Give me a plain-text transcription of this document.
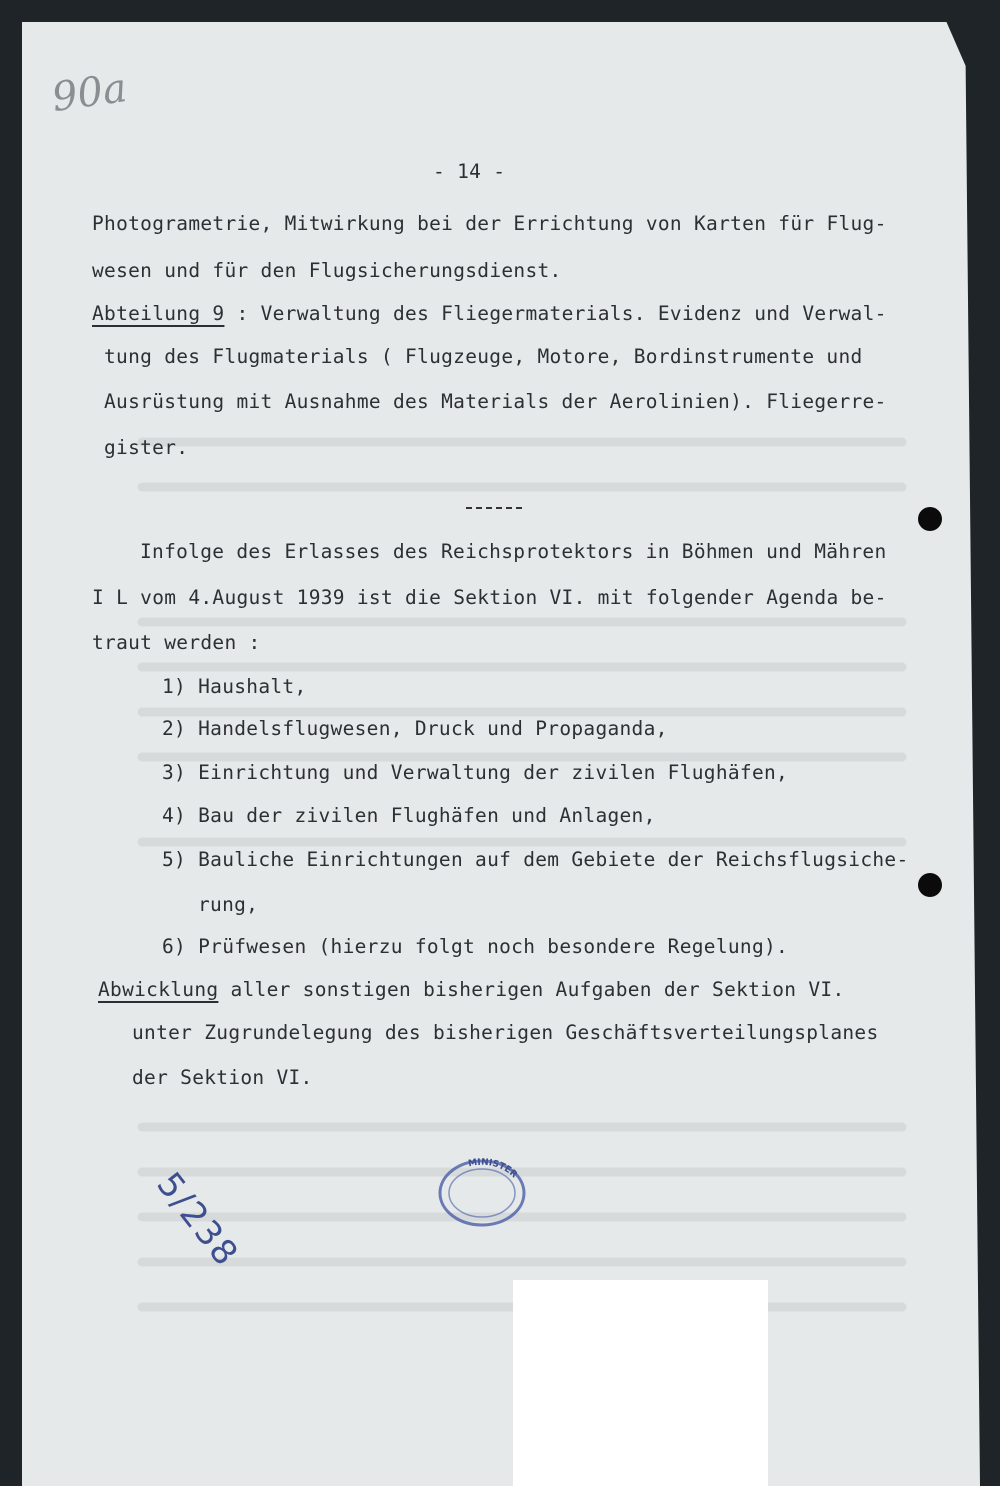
90a
- 14 -
Photogrametrie, Mitwirkung bei der Errichtung von Karten für Flug-
wesen und für den Flugsicherungsdienst.
Abteilung 9 : Verwaltung des Fliegermaterials. Evidenz und Verwal-
tung des Flugmaterials ( Flugzeuge, Motore, Bordinstrumente und
Ausrüstung mit Ausnahme des Materials der Aerolinien). Fliegerre-
gister.
Infolge des Erlasses des Reichsprotektors in Böhmen und Mähren
I L vom 4.August 1939 ist die Sektion VI. mit folgender Agenda be-
traut werden :
1) Haushalt,
2) Handelsflugwesen, Druck und Propaganda,
3) Einrichtung und Verwaltung der zivilen Flughäfen,
4) Bau der zivilen Flughäfen und Anlagen,
5) Bauliche Einrichtungen auf dem Gebiete der Reichsflugsiche-
rung,
6) Prüfwesen (hierzu folgt noch besondere Regelung).
Abwicklung aller sonstigen bisherigen Aufgaben der Sektion VI.
unter Zugrundelegung des bisherigen Geschäftsverteilungsplanes
der Sektion VI.
5/238
MINISTER
